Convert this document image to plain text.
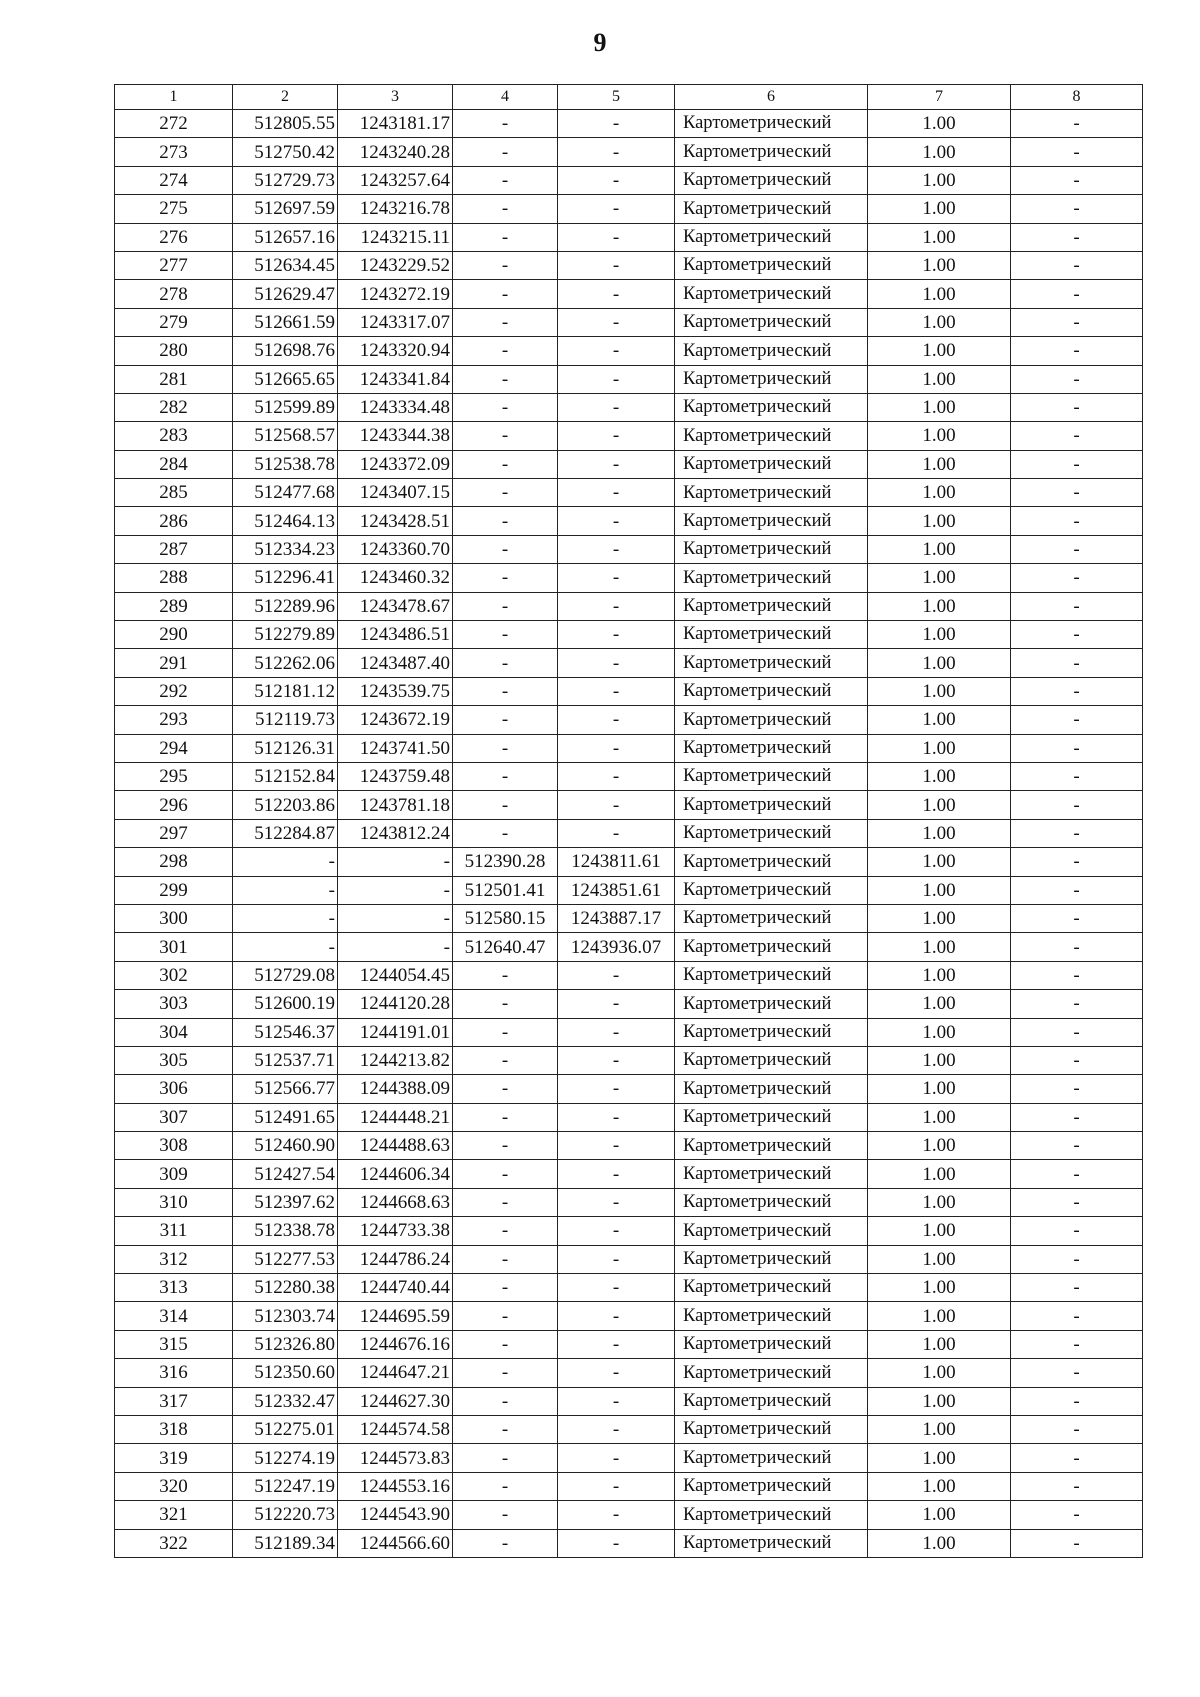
9
1	2	3	4	5	6	7	8
272	512805.55	1243181.17	-	-	Картометрический	1.00	-
273	512750.42	1243240.28	-	-	Картометрический	1.00	-
274	512729.73	1243257.64	-	-	Картометрический	1.00	-
275	512697.59	1243216.78	-	-	Картометрический	1.00	-
276	512657.16	1243215.11	-	-	Картометрический	1.00	-
277	512634.45	1243229.52	-	-	Картометрический	1.00	-
278	512629.47	1243272.19	-	-	Картометрический	1.00	-
279	512661.59	1243317.07	-	-	Картометрический	1.00	-
280	512698.76	1243320.94	-	-	Картометрический	1.00	-
281	512665.65	1243341.84	-	-	Картометрический	1.00	-
282	512599.89	1243334.48	-	-	Картометрический	1.00	-
283	512568.57	1243344.38	-	-	Картометрический	1.00	-
284	512538.78	1243372.09	-	-	Картометрический	1.00	-
285	512477.68	1243407.15	-	-	Картометрический	1.00	-
286	512464.13	1243428.51	-	-	Картометрический	1.00	-
287	512334.23	1243360.70	-	-	Картометрический	1.00	-
288	512296.41	1243460.32	-	-	Картометрический	1.00	-
289	512289.96	1243478.67	-	-	Картометрический	1.00	-
290	512279.89	1243486.51	-	-	Картометрический	1.00	-
291	512262.06	1243487.40	-	-	Картометрический	1.00	-
292	512181.12	1243539.75	-	-	Картометрический	1.00	-
293	512119.73	1243672.19	-	-	Картометрический	1.00	-
294	512126.31	1243741.50	-	-	Картометрический	1.00	-
295	512152.84	1243759.48	-	-	Картометрический	1.00	-
296	512203.86	1243781.18	-	-	Картометрический	1.00	-
297	512284.87	1243812.24	-	-	Картометрический	1.00	-
298	-	-	512390.28	1243811.61	Картометрический	1.00	-
299	-	-	512501.41	1243851.61	Картометрический	1.00	-
300	-	-	512580.15	1243887.17	Картометрический	1.00	-
301	-	-	512640.47	1243936.07	Картометрический	1.00	-
302	512729.08	1244054.45	-	-	Картометрический	1.00	-
303	512600.19	1244120.28	-	-	Картометрический	1.00	-
304	512546.37	1244191.01	-	-	Картометрический	1.00	-
305	512537.71	1244213.82	-	-	Картометрический	1.00	-
306	512566.77	1244388.09	-	-	Картометрический	1.00	-
307	512491.65	1244448.21	-	-	Картометрический	1.00	-
308	512460.90	1244488.63	-	-	Картометрический	1.00	-
309	512427.54	1244606.34	-	-	Картометрический	1.00	-
310	512397.62	1244668.63	-	-	Картометрический	1.00	-
311	512338.78	1244733.38	-	-	Картометрический	1.00	-
312	512277.53	1244786.24	-	-	Картометрический	1.00	-
313	512280.38	1244740.44	-	-	Картометрический	1.00	-
314	512303.74	1244695.59	-	-	Картометрический	1.00	-
315	512326.80	1244676.16	-	-	Картометрический	1.00	-
316	512350.60	1244647.21	-	-	Картометрический	1.00	-
317	512332.47	1244627.30	-	-	Картометрический	1.00	-
318	512275.01	1244574.58	-	-	Картометрический	1.00	-
319	512274.19	1244573.83	-	-	Картометрический	1.00	-
320	512247.19	1244553.16	-	-	Картометрический	1.00	-
321	512220.73	1244543.90	-	-	Картометрический	1.00	-
322	512189.34	1244566.60	-	-	Картометрический	1.00	-
